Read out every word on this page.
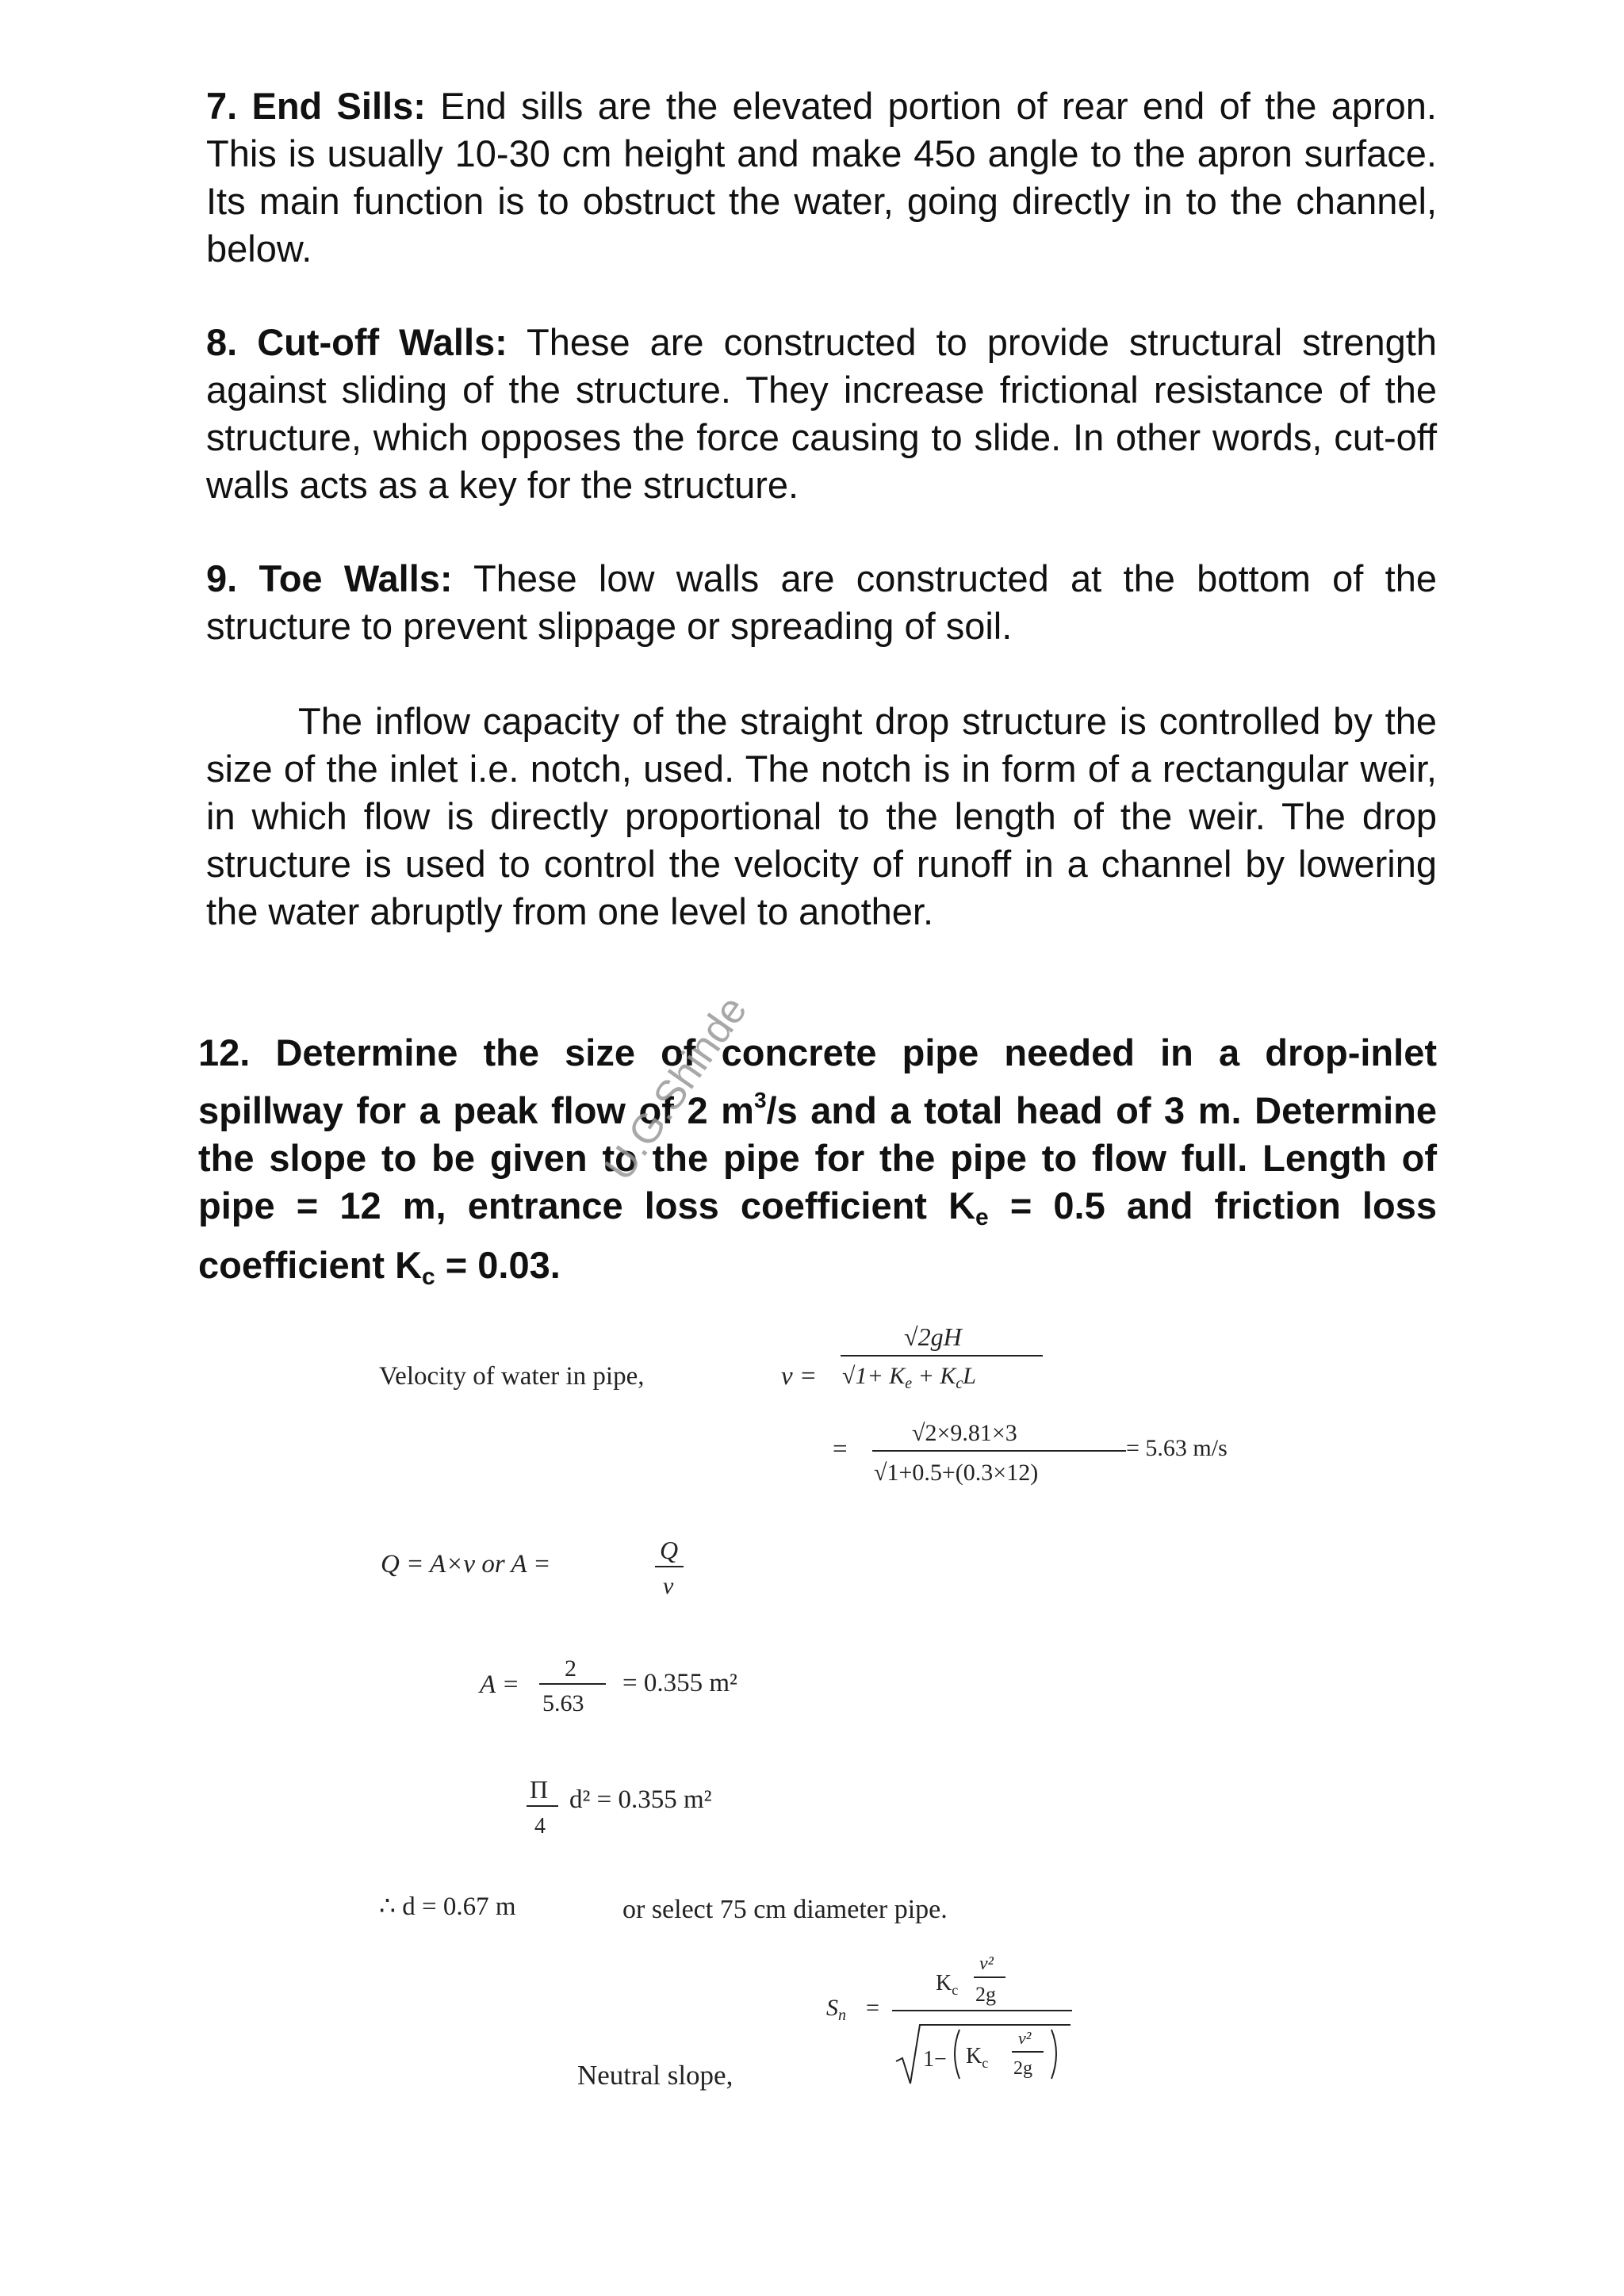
7. End Sills: End sills are the elevated portion of rear end of the apron. This is usually 10-30 cm height and make 45o angle to the apron surface. Its main function is to obstruct the water, going directly in to the channel, below.
8. Cut-off Walls: These are constructed to provide structural strength against sliding of the structure. They increase frictional resistance of the structure, which opposes the force causing to slide. In other words, cut-off walls acts as a key for the structure.
9. Toe Walls: These low walls are constructed at the bottom of the structure to prevent slippage or spreading of soil.
The inflow capacity of the straight drop structure is controlled by the size of the inlet i.e. notch, used. The notch is in form of a rectangular weir, in which flow is directly proportional to the length of the weir. The drop structure is used to control the velocity of runoff in a channel by lowering the water abruptly from one level to another.
12. Determine the size of concrete pipe needed in a drop-inlet spillway for a peak flow of 2 $m^3/s$ and a total head of 3 m. Determine the slope to be given to the pipe for the pipe to flow full. Length of pipe = 12 m, entrance loss coefficient $K_e = 0.5$ and friction loss coefficient $K_c = 0.03$.
U.G.Shinde
Velocity of water in pipe,	v =
√2gH
$√1+ K_e + K_cL$
=
√2×9.81×3
√1+0.5+(0.3×12)
= 5.63 m/s
Q = A×v or A =	Q
v
A =
2
5.63
= 0.355 m²
Π
4
d² = 0.355 m²
∴ d = 0.67 m	or select 75 cm diameter pipe.
Neutral slope,
$S_n$ =
$K_c$
v²
2g
$1- K_c$
v²
2g
